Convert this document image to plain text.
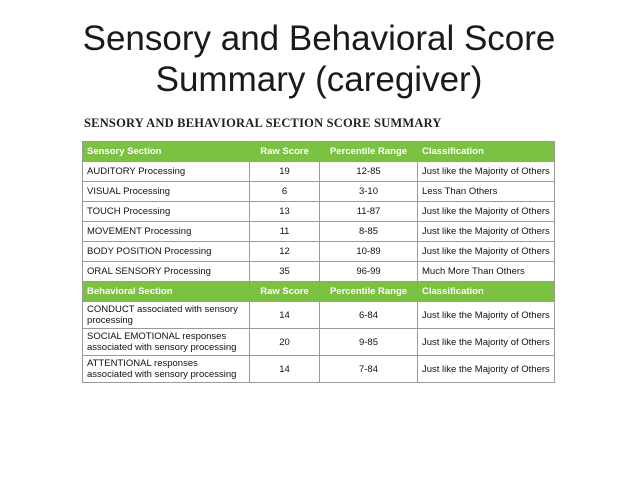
Sensory and Behavioral Score
Summary (caregiver)
SENSORY AND BEHAVIORAL SECTION SCORE SUMMARY
Sensory Section	Raw Score	Percentile Range	Classification
AUDITORY Processing	19	12-85	Just like the Majority of Others
VISUAL Processing	6	3-10	Less Than Others
TOUCH Processing	13	11-87	Just like the Majority of Others
MOVEMENT Processing	11	8-85	Just like the Majority of Others
BODY POSITION Processing	12	10-89	Just like the Majority of Others
ORAL SENSORY Processing	35	96-99	Much More Than Others
Behavioral Section	Raw Score	Percentile Range	Classification
CONDUCT associated with sensory processing	14	6-84	Just like the Majority of Others
SOCIAL EMOTIONAL responses associated with sensory processing	20	9-85	Just like the Majority of Others
ATTENTIONAL responses associated with sensory processing	14	7-84	Just like the Majority of Others
